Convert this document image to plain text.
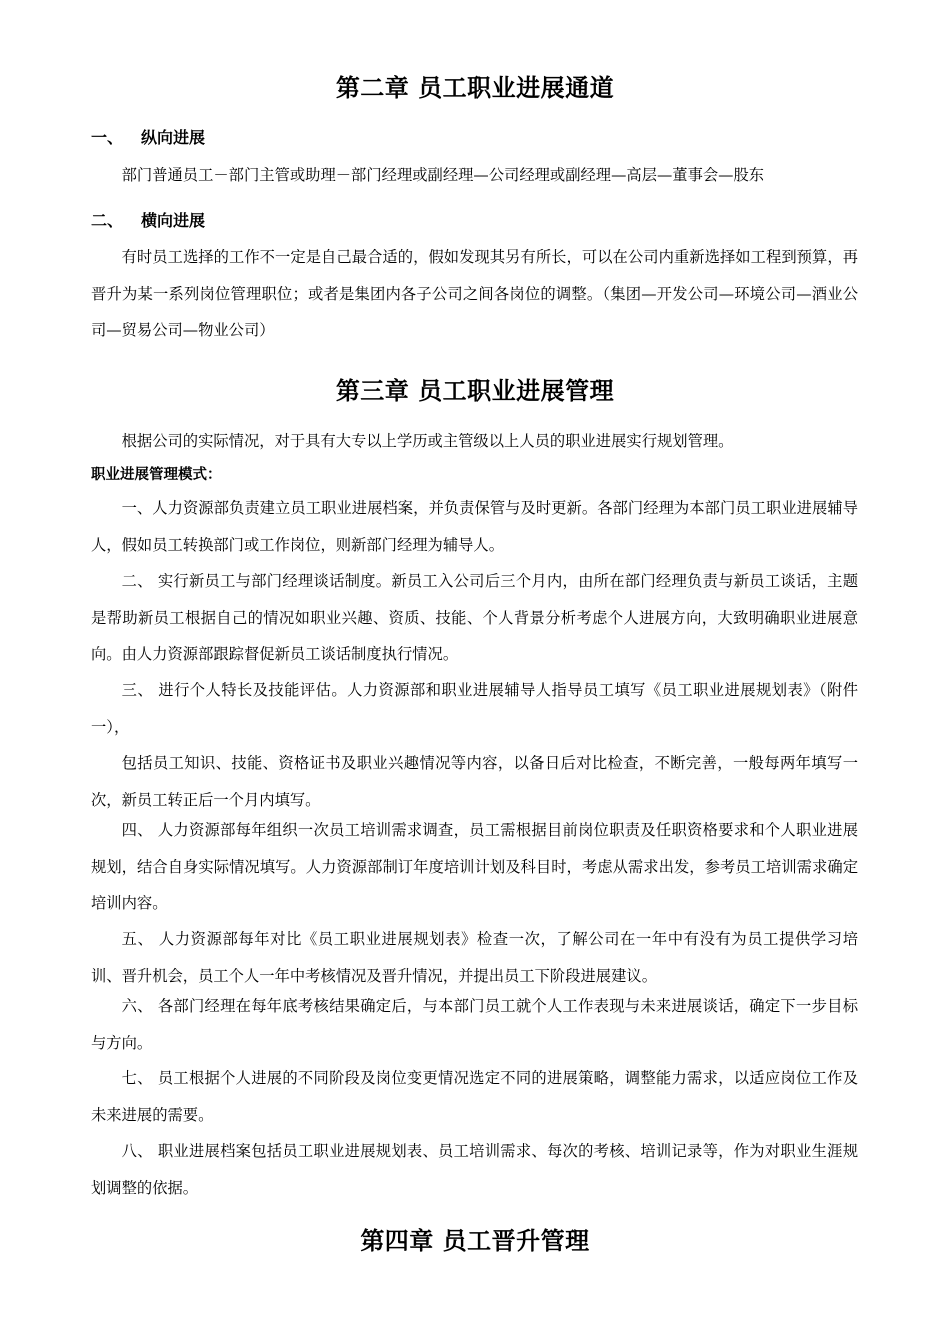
第二章 员工职业进展通道
一、 纵向进展

部门普通员工－部门主管或助理－部门经理或副经理—公司经理或副经理—高层—董事会—股东

二、 横向进展

有时员工选择的工作不一定是自己最合适的，假如发现其另有所长，可以在公司内重新选择如工程到预算，再晋升为某一系列岗位管理职位；或者是集团内各子公司之间各岗位的调整。（集团—开发公司—环境公司—酒业公司—贸易公司—物业公司）

第三章 员工职业进展管理

根据公司的实际情况，对于具有大专以上学历或主管级以上人员的职业进展实行规划管理。

职业进展管理模式：

一、人力资源部负责建立员工职业进展档案，并负责保管与及时更新。各部门经理为本部门员工职业进展辅导人，假如员工转换部门或工作岗位，则新部门经理为辅导人。

二、 实行新员工与部门经理谈话制度。新员工入公司后三个月内，由所在部门经理负责与新员工谈话，主题是帮助新员工根据自己的情况如职业兴趣、资质、技能、个人背景分析考虑个人进展方向，大致明确职业进展意向。由人力资源部跟踪督促新员工谈话制度执行情况。

三、 进行个人特长及技能评估。人力资源部和职业进展辅导人指导员工填写《员工职业进展规划表》（附件一），

包括员工知识、技能、资格证书及职业兴趣情况等内容，以备日后对比检查，不断完善，一般每两年填写一次，新员工转正后一个月内填写。

四、 人力资源部每年组织一次员工培训需求调查，员工需根据目前岗位职责及任职资格要求和个人职业进展规划，结合自身实际情况填写。人力资源部制订年度培训计划及科目时，考虑从需求出发，参考员工培训需求确定培训内容。

五、 人力资源部每年对比《员工职业进展规划表》检查一次，了解公司在一年中有没有为员工提供学习培训、晋升机会，员工个人一年中考核情况及晋升情况，并提出员工下阶段进展建议。

六、 各部门经理在每年底考核结果确定后，与本部门员工就个人工作表现与未来进展谈话，确定下一步目标与方向。

七、 员工根据个人进展的不同阶段及岗位变更情况选定不同的进展策略，调整能力需求，以适应岗位工作及未来进展的需要。

八、 职业进展档案包括员工职业进展规划表、员工培训需求、每次的考核、培训记录等，作为对职业生涯规划调整的依据。

第四章 员工晋升管理
